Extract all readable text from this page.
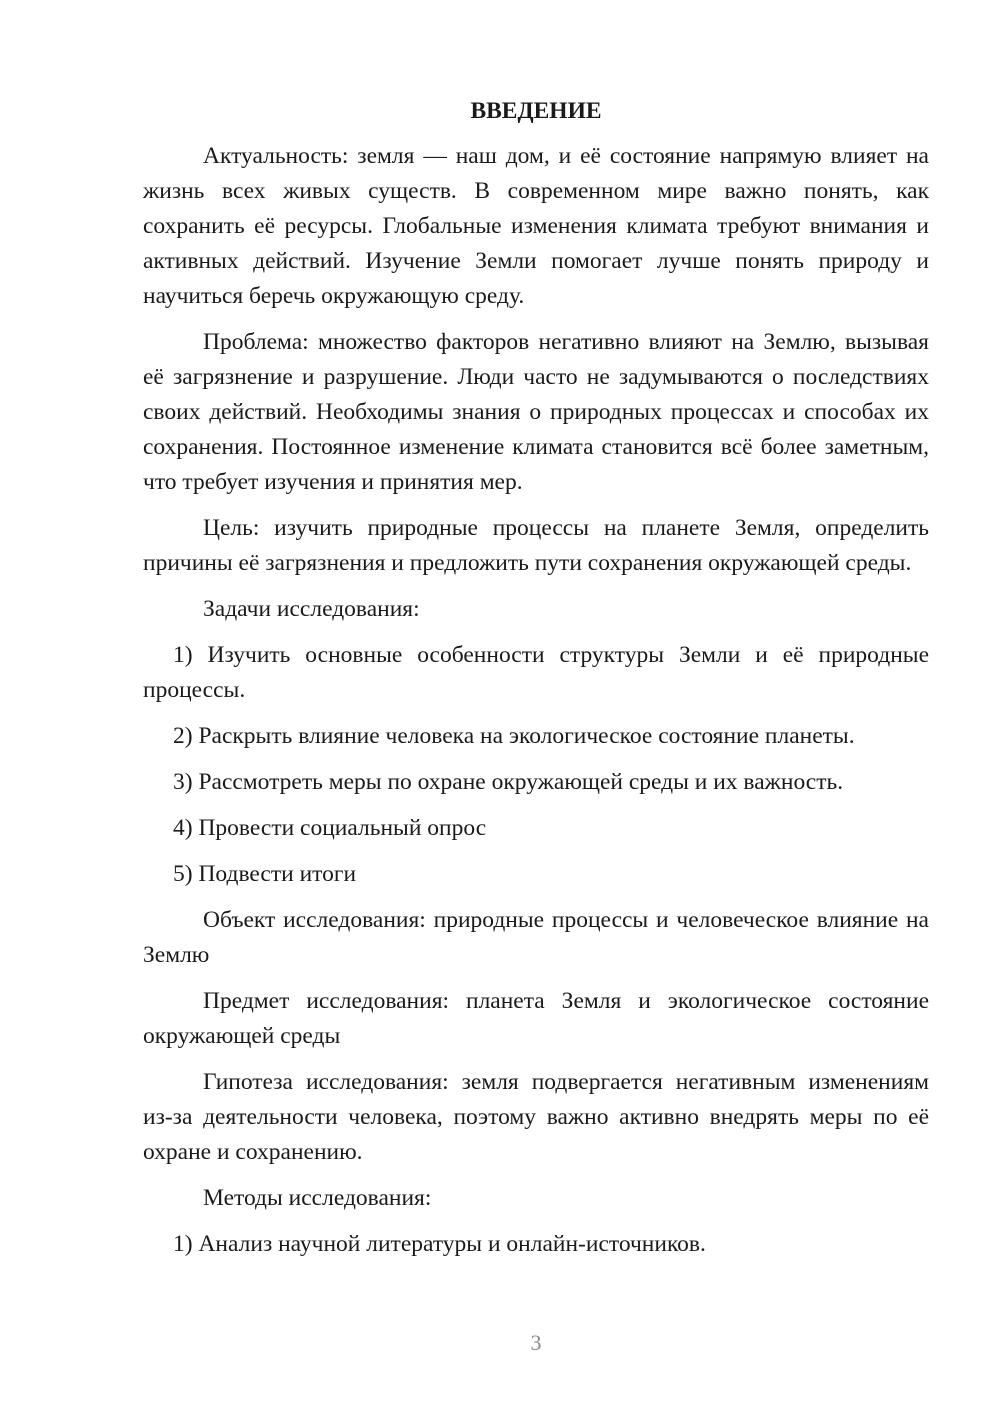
ВВЕДЕНИЕ

Актуальность: земля — наш дом, и её состояние напрямую влияет на жизнь всех живых существ. В современном мире важно понять, как сохранить её ресурсы. Глобальные изменения климата требуют внимания и активных действий. Изучение Земли помогает лучше понять природу и научиться беречь окружающую среду.

Проблема: множество факторов негативно влияют на Землю, вызывая её загрязнение и разрушение. Люди часто не задумываются о последствиях своих действий. Необходимы знания о природных процессах и способах их сохранения. Постоянное изменение климата становится всё более заметным, что требует изучения и принятия мер.

Цель: изучить природные процессы на планете Земля, определить причины её загрязнения и предложить пути сохранения окружающей среды.

Задачи исследования:

1) Изучить основные особенности структуры Земли и её природные процессы.

2) Раскрыть влияние человека на экологическое состояние планеты.

3) Рассмотреть меры по охране окружающей среды и их важность.

4) Провести социальный опрос

5) Подвести итоги

Объект исследования: природные процессы и человеческое влияние на Землю

Предмет исследования: планета Земля и экологическое состояние окружающей среды

Гипотеза исследования: земля подвергается негативным изменениям из-за деятельности человека, поэтому важно активно внедрять меры по её охране и сохранению.

Методы исследования:

1) Анализ научной литературы и онлайн-источников.

3
